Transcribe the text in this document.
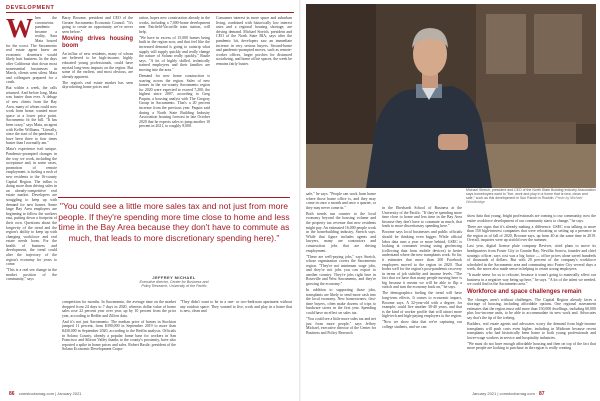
DEVELOPMENT
W hen the coronavirus pandemic became a reality, Sara Mata braced for the worst. The Sacramento real estate agent knew an economic downturn would likely hurt business. In the days after California shut down most nonessential businesses in March, clients went silent. Mata and colleagues prepared for a crash.

But within a week, the calls returned. And before long, Mata was busier than ever. A deluge of new clients from the Bay Area, many of whom could now work from home, wanted more space at a lower price point. Sacramento fit the bill. "It has been crazy," says Mata, an agent with Keller Williams. "Literally, since the start of the pandemic, I have been three to four times busier than I normally am."

Mata's experience isn't unique. Pandemic-prompted changes in the way we work, including the acceptance and, in some cases, promotion of remote employment, is fueling a rush of new residents to the 16-county Capital Region. The influx is doing more than driving sales in an already-competitive real estate market. Developers are struggling to keep up with demand for new homes. Some large Bay Area employers are beginning to follow the workers east, putting down a footprint of their own. Questions about the longevity of the trend and the region's ability to keep up with changing workforce and real estate needs loom. For the health of business and development, the trend could alter the trajectory of the region's economy for years to come.

"This is a real sea change in the market position of the community," says

Barry Broome, president and CEO of the Greater Sacramento Economic Council. "It's going to create an opportunity we've never seen before."

Moving drives housing boom

An influx of new residents, many of whom are believed to be high-income, highly educated young professionals, could have myriad long-term impacts on the region. But some of the earliest, and most obvious, are already apparent.

The region's real estate market has seen skyrocketing home prices and

ration, hopes new construction already in the works, including a 7,000-home development near Fairfield-Vacaville train station, will help.

"We have in excess of 15,000 homes being built in the region now, and that feel like the increased demand is going to outstrip what supply will supply quickly and really change the nature of Solano really quickly," Bastle says. "A lot of highly skilled, technically trained employees and their families are moving into the area."

Demand for new home construction is soaring across the region. Sales of new homes in the six-county Sacramento region for 2020 were expected to exceed 7,200, the highest since 2007, according to Greg Paquin, a housing analyst with The Gregory Group in Sacramento. That's a 20 percent increase from the previous year. Paquin said during a North State Building Industry Association housing forecast in late October 2020 that he expects sales to jump another 10 percent in 2021, to roughly 8,000.

Consumer interest in more space and suburban living, combined with historically low interest rates and a regional housing shortage, are driving demand. Michael Streich, president and CEO of the North State BIA, says after the pandemic hit, developers saw an immediate increase in very serious buyers. Second-home and pandemic-prompted moves, such as remote-worker offices, larger porches for distanced socializing, and home office spaces, the week he remains fairly busier.

"You could see a little more sales tax and not just from more people. If they're spending more time close to home and less time in the Bay Area because they don't have to commute as much, that leads to more discretionary spending here)."
JEFFREY MICHAEL
Executive director, Center for Business and
Policy Research, University of the Pacific

competition for months. In Sacramento, the average time on the market dropped from 24 days to 7 days in 2020, whereas dollar value of home sales rose 22 percent year over year, up by 10 percent from the prior year, according to Redfin and Zillow data.

And it's not just Sacramento. The median price of homes in Stockton jumped 11 percent, from $390,000 in September 2019 to more than $430,000 in September 2020, according to the Redfin analysis. Officials in Solano County, already a popular home base for workers in San Francisco and Silicon Valley thanks to the county's proximity, have also reported a spike in home prices and sales. Robert Bastle, president of the Solano Economic Development Corpo-

"They didn't want to be in a one- or two-bedroom apartment without any outdoor space. They wanted to live, work and play in a home that is new, clean and

Michael Streich, president and CEO of the North State Building Industry Association says homebuyers want to "live, work and play in a home that is new, clean and safe," such as this development in Sun Ranch in Rocklin. Photo by Michael Woodbridge

safe," he says. "People can work from home where those home office is, and they may come in once a month and once a quarter, or they may never come in."

Both trends run counter to the local economy beyond the housing volume and the property tax revenue that new residents might pay. An estimated 16,000 people work in the homebuilding industry, Streich says. While that figure includes agents and lawyers, many are contractors and construction jobs that are driving employment.

"These are well-paying jobs," says Streich, whose organization covers the Sacramento region. "They're not minimum wage jobs, and they're not jobs you can export to another country. They're jobs right here in Roseville and West Sacramento, and they're growing the economy."

In addition to supporting those jobs, transplants are likely to send more cash into the local economy. New homeowners, first-time buyers, often make dozens of trips to hardware stores in the first year. Spending could have an effect on sales tax.

"You could see a little more sales tax and net just from more people," says Jeffrey Michael, executive director of the Center for Business and Policy Research

in the Eberhardt School of Business at the University of the Pacific. "If they're spending more time close to home and less time in the Bay Area because they don't have to commute as much, that leads to more discretionary spending here."

Broome says local businesses and public officials should be thinking even bigger. While official labor data runs a year or more behind, GSEC is looking at consumer testing using geofencing (collecting data from mobile devices) to better understand where the new transplants work. So far, it estimates that more than 200 Facebook employees moved to the region in 2020. That bodes well for the region's post-pandemic recovery in terms of job stability and income levels. "The fact that we have that many people moving here is big because it means we will be able to flip a switch and turn the economy back on," he says.

The demographics fueling the trend will have long-term effects. It comes to economic impact, Broome says. A 32-year-old with a degree, for example, could live another 30-40 years, and that is the kind of worker profile that will attract more high-tech and high-paying employers to the region.

"Now we show data that we're capturing our college students, and we can

show data that young, bright professionals are coming to our community, now the entire workforce development of our community starts to change," he says.

There are signs that it's already making a difference. GSEC was talking to more than 150 high-interest companies that were relocating or setting up a presence in the region as of fall of 2020, Broome says, up from 40 at the same time in 2019. Overall, inquiries were up sixfold over the summer.

Last year, digital license plate company Reviver, cited plans to move its headquarters from Foster City to Granite Bay. Nevillia Sorrow, founder and chief strategic officer, says cost was a big factor — office prices alone saved hundreds of thousands of dollars. But with 20 percent of the company's workforce scheduled in the Sacramento area and commuting into Foster City several days a week, the move also made sense in helping to retain strong employees.

"It made sense for us to relocate, because it wasn't going to materially affect our business in a negative way being up here," he says. "A lot of the talent we needed, we could find in the Sacramento area."

Workforce and space challenges remain

The changes aren't without challenges. The Capital Region already faces a shortage of housing, including affordable options. One regional assessment estimates that the region must add more than 150,000 dwellings, including 60,000 plus low-income units, to be able to accommodate its new work and. Advocates say that's the tip of the iceberg.

Builders, real estate agents and advocates worry the demand from high-income transplants will push costs even higher, including in Midtown because recent transplants who had historically been home to both young professionals and lower-wage workers in service and hospitality industries.

"We must do not have enough affordable housing and then on top of the fact that more people are looking to purchase in the region is really creating

86 comstocksmag.com | January 2021	January 2021 | comstocksmag.com 87
